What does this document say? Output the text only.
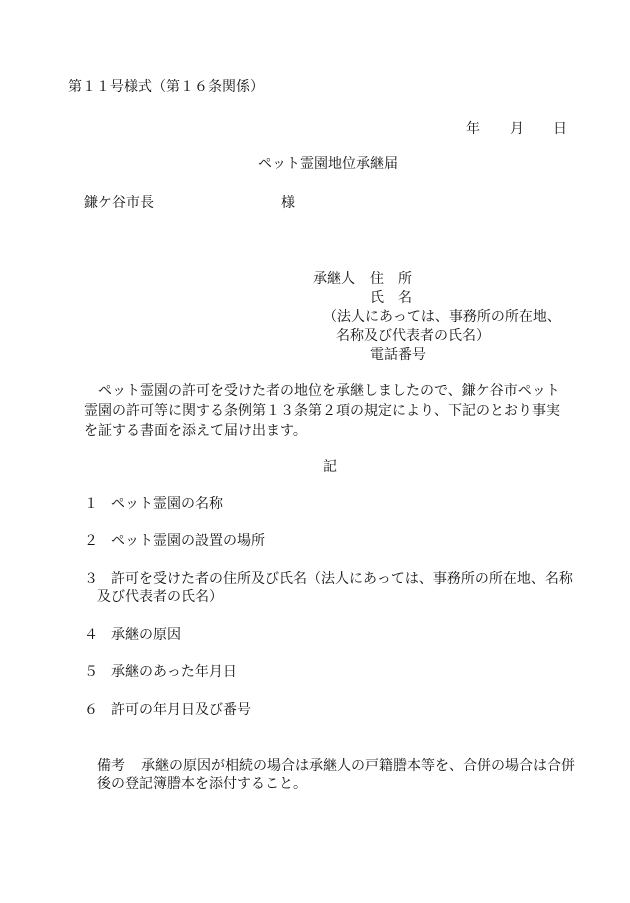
第１１号様式（第１６条関係）
年 月 日
ペット霊園地位承継届
鎌ケ谷市長	様
承継人 住　所
氏　名
（法人にあっては、事務所の所在地、
名称及び代表者の氏名）
電話番号
　ペット霊園の許可を受けた者の地位を承継しましたので、鎌ケ谷市ペット
霊園の許可等に関する条例第１３条第２項の規定により、下記のとおり事実
を証する書面を添えて届け出ます。
記
１ ペット霊園の名称
２ ペット霊園の設置の場所
３ 許可を受けた者の住所及び氏名（法人にあっては、事務所の所在地、名称
及び代表者の氏名）
４ 承継の原因
５ 承継のあった年月日
６ 許可の年月日及び番号
備考 承継の原因が相続の場合は承継人の戸籍謄本等を、合併の場合は合併
後の登記簿謄本を添付すること。
